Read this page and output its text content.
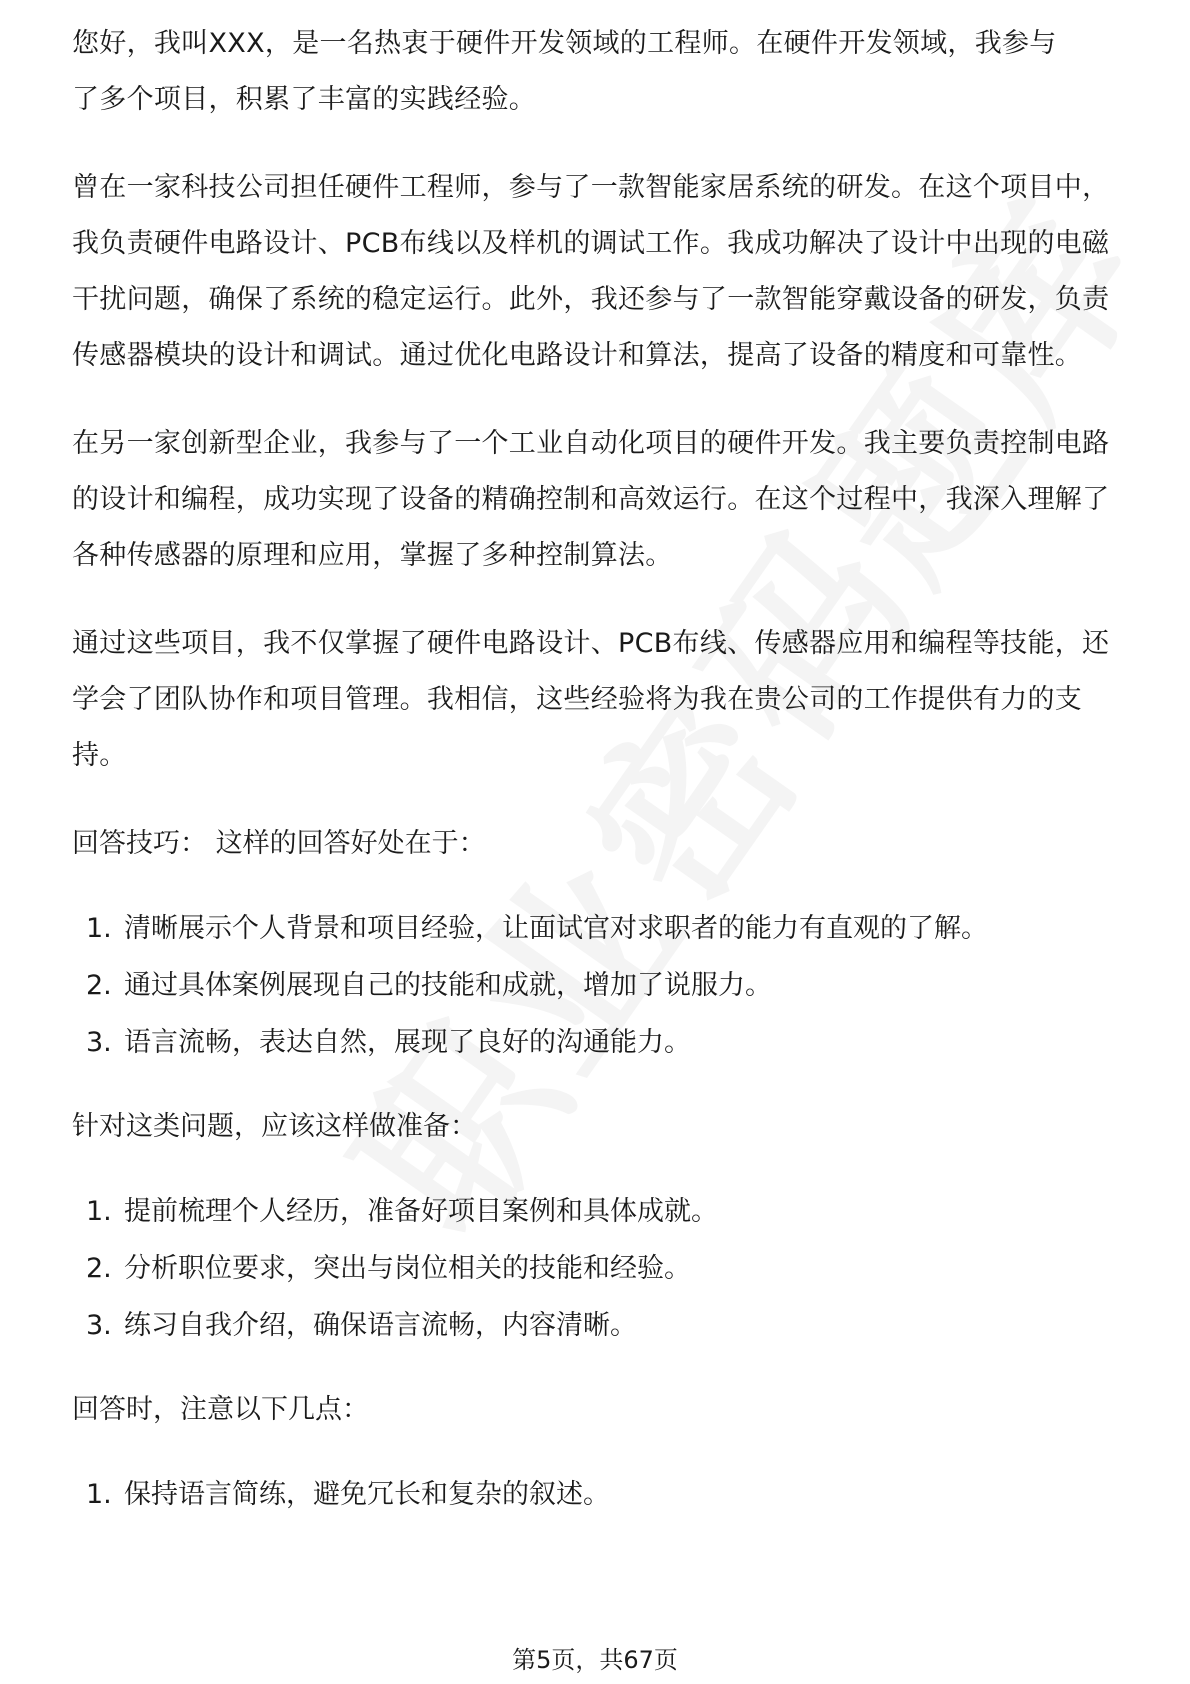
您好，我叫XXX，是一名热衷于硬件开发领域的工程师。在硬件开发领域，我参与

了多个项目，积累了丰富的实践经验。

曾在一家科技公司担任硬件工程师，参与了一款智能家居系统的研发。在这个项目中，我负责硬件电路设计、PCB布线以及样机的调试工作。我成功解决了设计中出现的电磁干扰问题，确保了系统的稳定运行。此外，我还参与了一款智能穿戴设备的研发，负责传感器模块的设计和调试。通过优化电路设计和算法，提高了设备的精度和可靠性。

在另一家创新型企业，我参与了一个工业自动化项目的硬件开发。我主要负责控制电路的设计和编程，成功实现了设备的精确控制和高效运行。在这个过程中，我深入理解了各种传感器的原理和应用，掌握了多种控制算法。

通过这些项目，我不仅掌握了硬件电路设计、PCB布线、传感器应用和编程等技能，还学会了团队协作和项目管理。我相信，这些经验将为我在贵公司的工作提供有力的支持。

回答技巧： 这样的回答好处在于：

1. 清晰展示个人背景和项目经验，让面试官对求职者的能力有直观的了解。
2. 通过具体案例展现自己的技能和成就，增加了说服力。
3. 语言流畅，表达自然，展现了良好的沟通能力。

针对这类问题，应该这样做准备：

1. 提前梳理个人经历，准备好项目案例和具体成就。
2. 分析职位要求，突出与岗位相关的技能和经验。
3. 练习自我介绍，确保语言流畅，内容清晰。

回答时，注意以下几点：

1. 保持语言简练，避免冗长和复杂的叙述。
第5页，共67页
